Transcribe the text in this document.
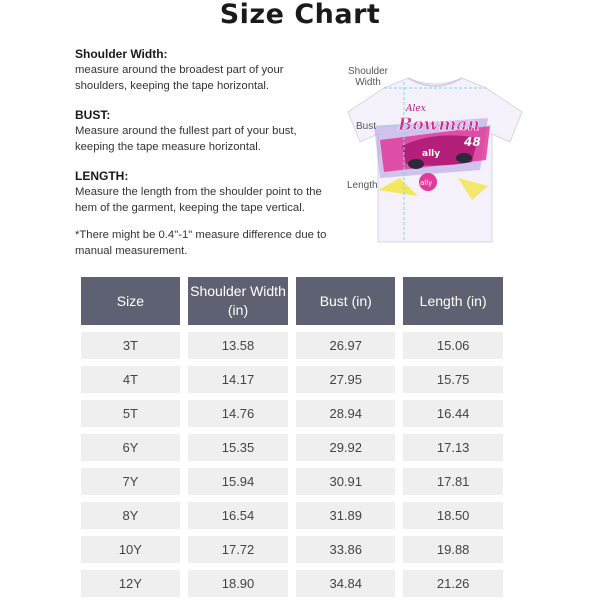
Size Chart
Shoulder Width:
measure around the broadest part of your shoulders, keeping the tape horizontal.
BUST:
Measure around the fullest part of your bust, keeping the tape measure horizontal.
LENGTH:
Measure the length from the shoulder point to the hem of the garment, keeping the tape vertical.
*There might be 0.4"-1" measure difference due to manual measurement.
Alex
Bowman
48
ally
ally
Shoulder
Width
Bust
Length
Size	Shoulder Width (in)	Bust (in)	Length (in)
3T	13.58	26.97	15.06
4T	14.17	27.95	15.75
5T	14.76	28.94	16.44
6Y	15.35	29.92	17.13
7Y	15.94	30.91	17.81
8Y	16.54	31.89	18.50
10Y	17.72	33.86	19.88
12Y	18.90	34.84	21.26
